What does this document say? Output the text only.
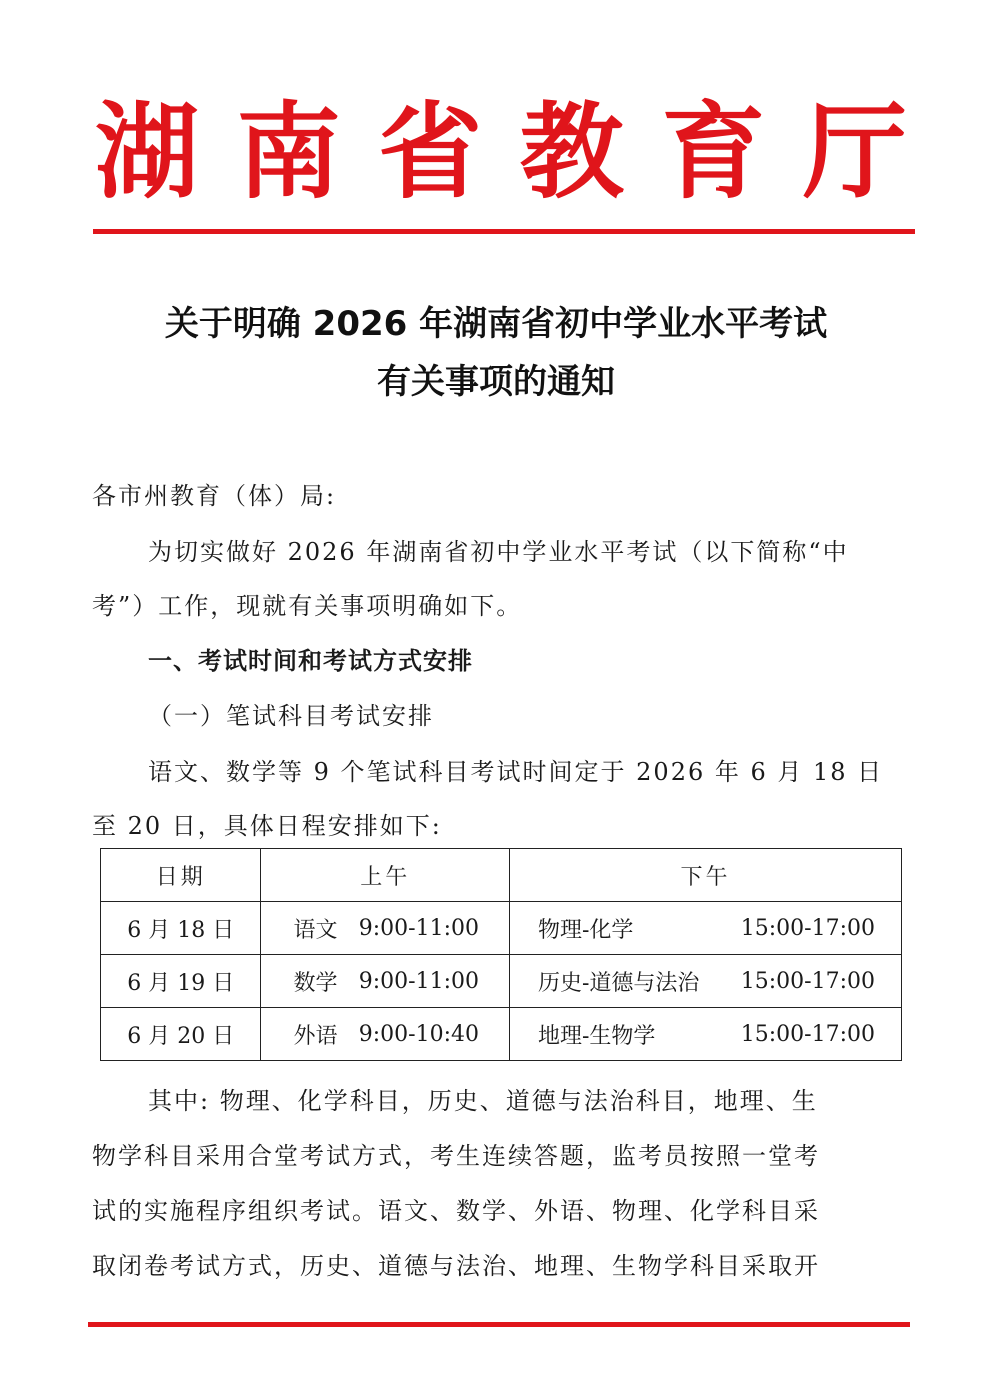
湖 南 省 教 育 厅
关于明确 2026 年湖南省初中学业水平考试
有关事项的通知
各市州教育（体）局:
为切实做好 2026 年湖南省初中学业水平考试（以下简称“中
考”）工作，现就有关事项明确如下。
一、考试时间和考试方式安排
（一）笔试科目考试安排
语文、数学等 9 个笔试科目考试时间定于 2026 年 6 月 18 日
至 20 日，具体日程安排如下:
日期	上午	下午
6 月 18 日	语文 9:00-11:00	物理-化学 15:00-17:00

6 月 19 日	数学 9:00-11:00	历史-道德与法治 15:00-17:00

6 月 20 日	外语 9:00-10:40	地理-生物学 15:00-17:00
其中: 物理、化学科目，历史、道德与法治科目，地理、生
物学科目采用合堂考试方式，考生连续答题，监考员按照一堂考
试的实施程序组织考试。语文、数学、外语、物理、化学科目采
取闭卷考试方式，历史、道德与法治、地理、生物学科目采取开
